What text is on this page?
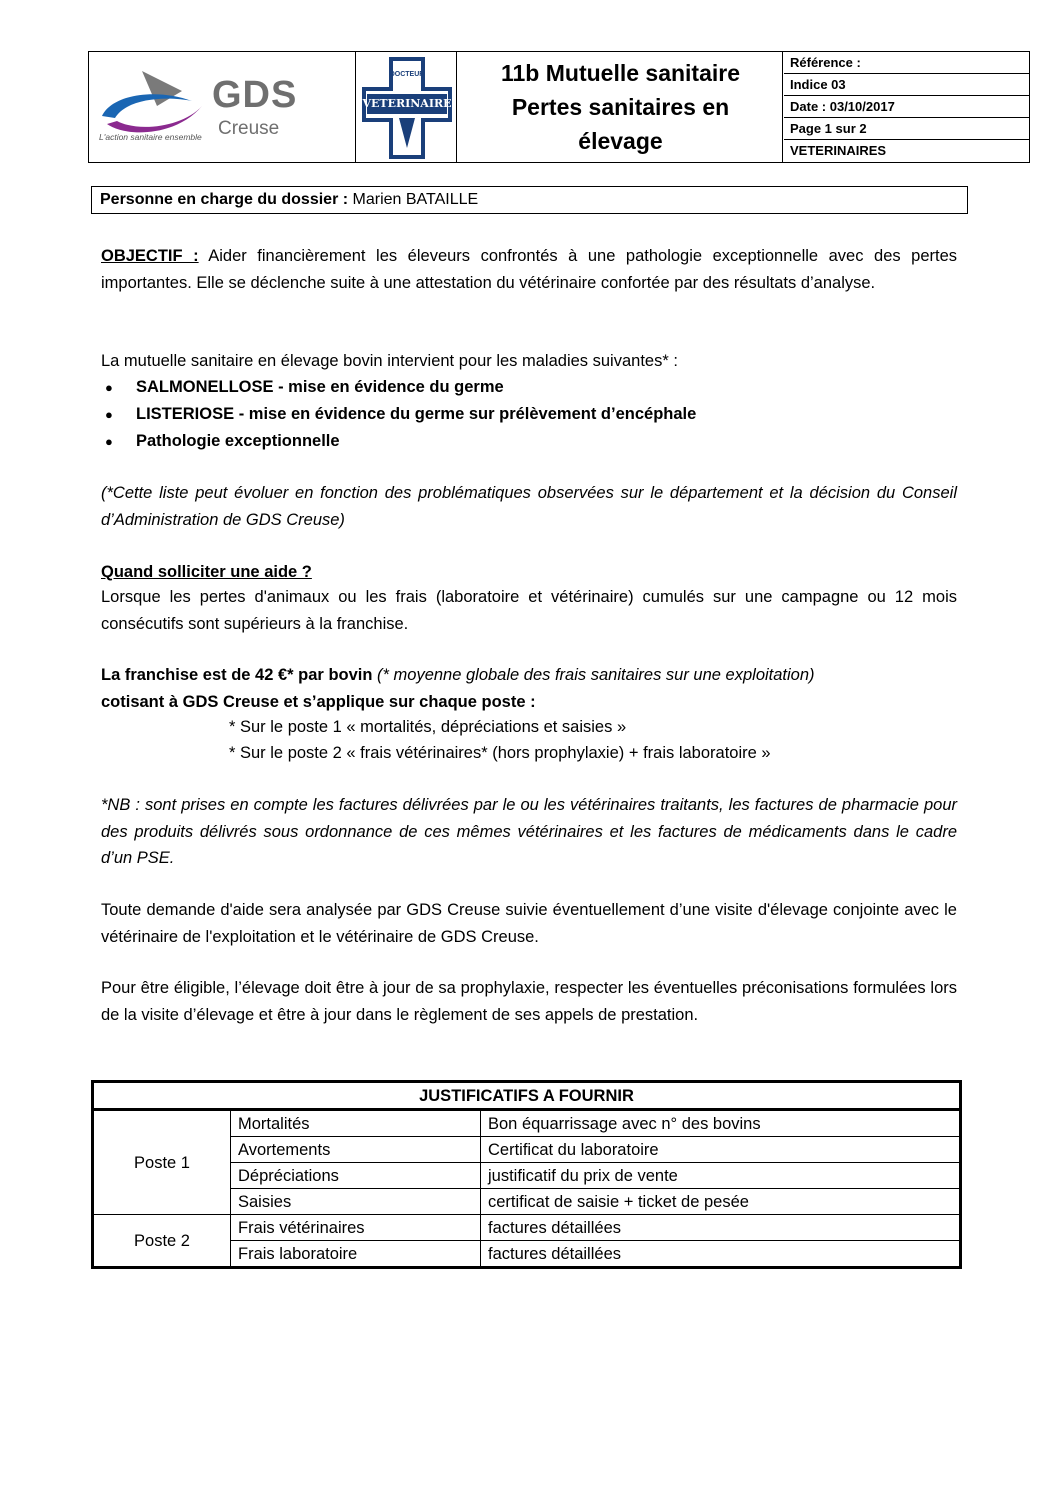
GDS
Creuse
L'action sanitaire ensemble
DOCTEUR
VETERINAIRE
11b Mutuelle sanitaire
Pertes sanitaires en
élevage
Référence :
Indice 03
Date : 03/10/2017
Page 1 sur 2
VETERINAIRES
Personne en charge du dossier : Marien BATAILLE

OBJECTIF : Aider financièrement les éleveurs confrontés à une pathologie exceptionnelle avec des pertes importantes. Elle se déclenche suite à une attestation du vétérinaire confortée par des résultats d’analyse.

La mutuelle sanitaire en élevage bovin intervient pour les maladies suivantes* :

● SALMONELLOSE - mise en évidence du germe
● LISTERIOSE - mise en évidence du germe sur prélèvement d’encéphale
● Pathologie exceptionnelle

(*Cette liste peut évoluer en fonction des problématiques observées sur le département et la décision du Conseil d’Administration de GDS Creuse)

Quand solliciter une aide ?

Lorsque les pertes d'animaux ou les frais (laboratoire et vétérinaire) cumulés sur une campagne ou 12 mois consécutifs sont supérieurs à la franchise.

La franchise est de 42 €* par bovin (* moyenne globale des frais sanitaires sur une exploitation)
cotisant à GDS Creuse et s’applique sur chaque poste :

* Sur le poste 1 « mortalités, dépréciations et saisies »

* Sur le poste 2 « frais vétérinaires* (hors prophylaxie) + frais laboratoire »

*NB : sont prises en compte les factures délivrées par le ou les vétérinaires traitants, les factures de pharmacie pour des produits délivrés sous ordonnance de ces mêmes vétérinaires et les factures de médicaments dans le cadre d’un PSE.

Toute demande d'aide sera analysée par GDS Creuse suivie éventuellement d’une visite d'élevage conjointe avec le vétérinaire de l'exploitation et le vétérinaire de GDS Creuse.

Pour être éligible, l’élevage doit être à jour de sa prophylaxie, respecter les éventuelles préconisations formulées lors de la visite d’élevage et être à jour dans le règlement de ses appels de prestation.

JUSTIFICATIFS A FOURNIR		
Poste 1	Mortalités	Bon équarrissage avec n° des bovins
	Avortements	Certificat du laboratoire
	Dépréciations	justificatif du prix de vente
	Saisies	certificat de saisie + ticket de pesée
Poste 2	Frais vétérinaires	factures détaillées
	Frais laboratoire	factures détaillées
